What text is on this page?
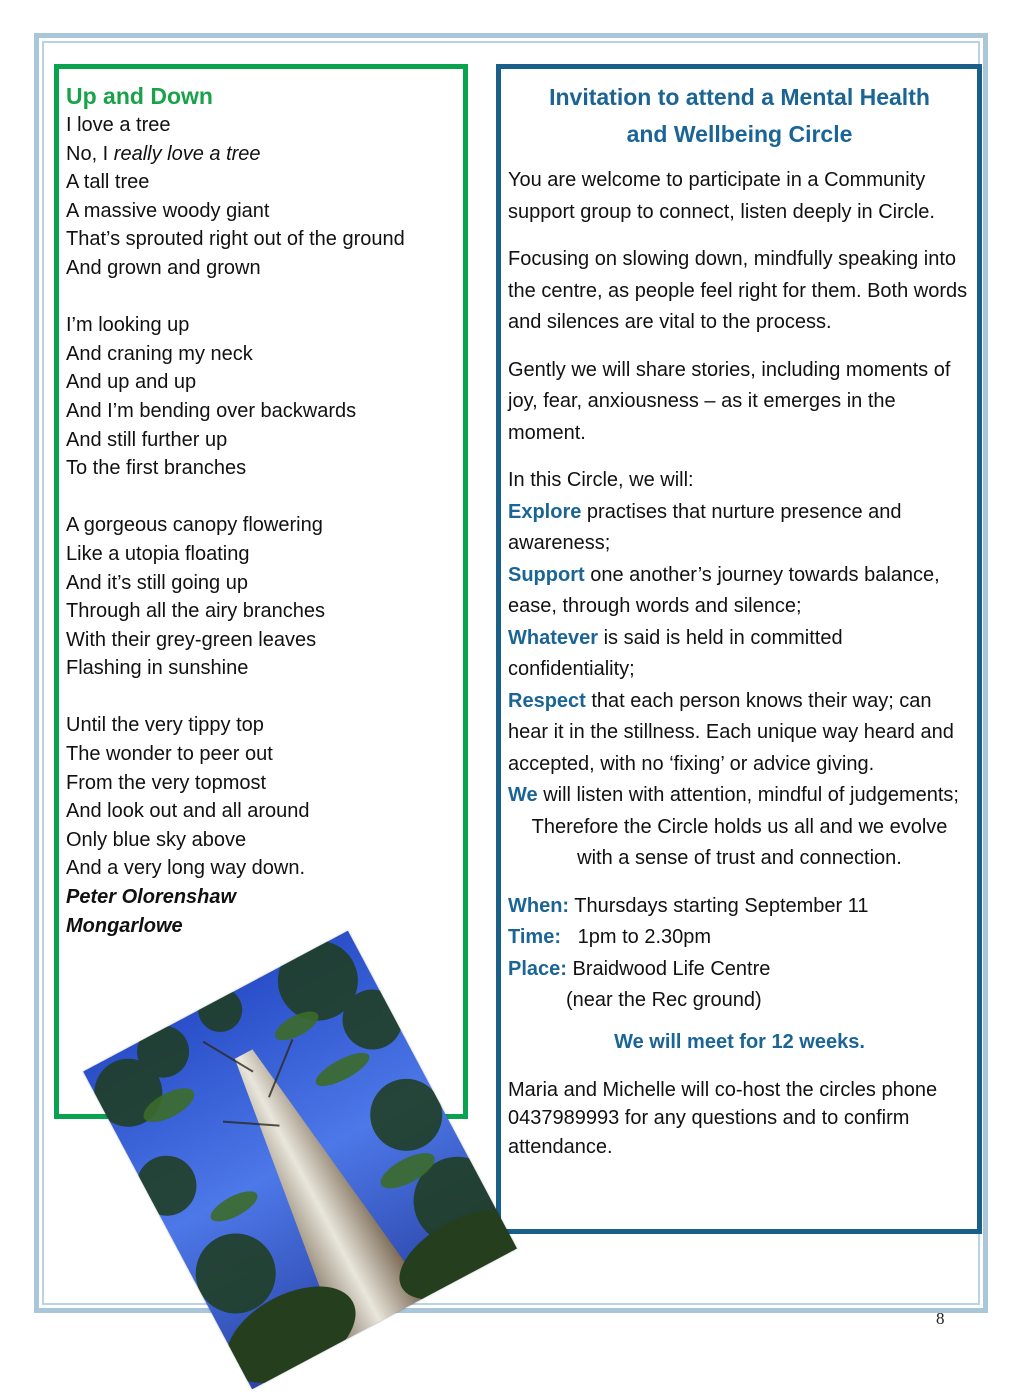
Up and Down
I love a tree
No, I really love a tree
A tall tree
A massive woody giant
That’s sprouted right out of the ground
And grown and grown
I’m looking up
And craning my neck
And up and up
And I’m bending over backwards
And still further up
To the first branches
A gorgeous canopy flowering
Like a utopia floating
And it’s still going up
Through all the airy branches
With their grey-green leaves
Flashing in sunshine
Until the very tippy top
The wonder to peer out
From the very topmost
And look out and all around
Only blue sky above
And a very long way down.
Peter Olorenshaw
Mongarlowe
Invitation to attend a Mental Health
and Wellbeing Circle

You are welcome to participate in a Community support group to connect, listen deeply in Circle.

Focusing on slowing down, mindfully speaking into the centre, as people feel right for them. Both words and silences are vital to the process.

Gently we will share stories, including moments of joy, fear, anxiousness – as it emerges in the moment.

In this Circle, we will:
Explore practises that nurture presence and awareness;
Support one another’s journey towards balance, ease, through words and silence;
Whatever is said is held in committed confidentiality;
Respect that each person knows their way; can hear it in the stillness. Each unique way heard and accepted, with no ‘fixing’ or advice giving.
We will listen with attention, mindful of judgements;
Therefore the Circle holds us all and we evolve with a sense of trust and connection.
When: Thursdays starting September 11
Time:   1pm to 2.30pm
Place: Braidwood Life Centre
(near the Rec ground)
We will meet for 12 weeks.

Maria and Michelle will co-host the circles phone 0437989993 for any questions and to confirm attendance.

8
